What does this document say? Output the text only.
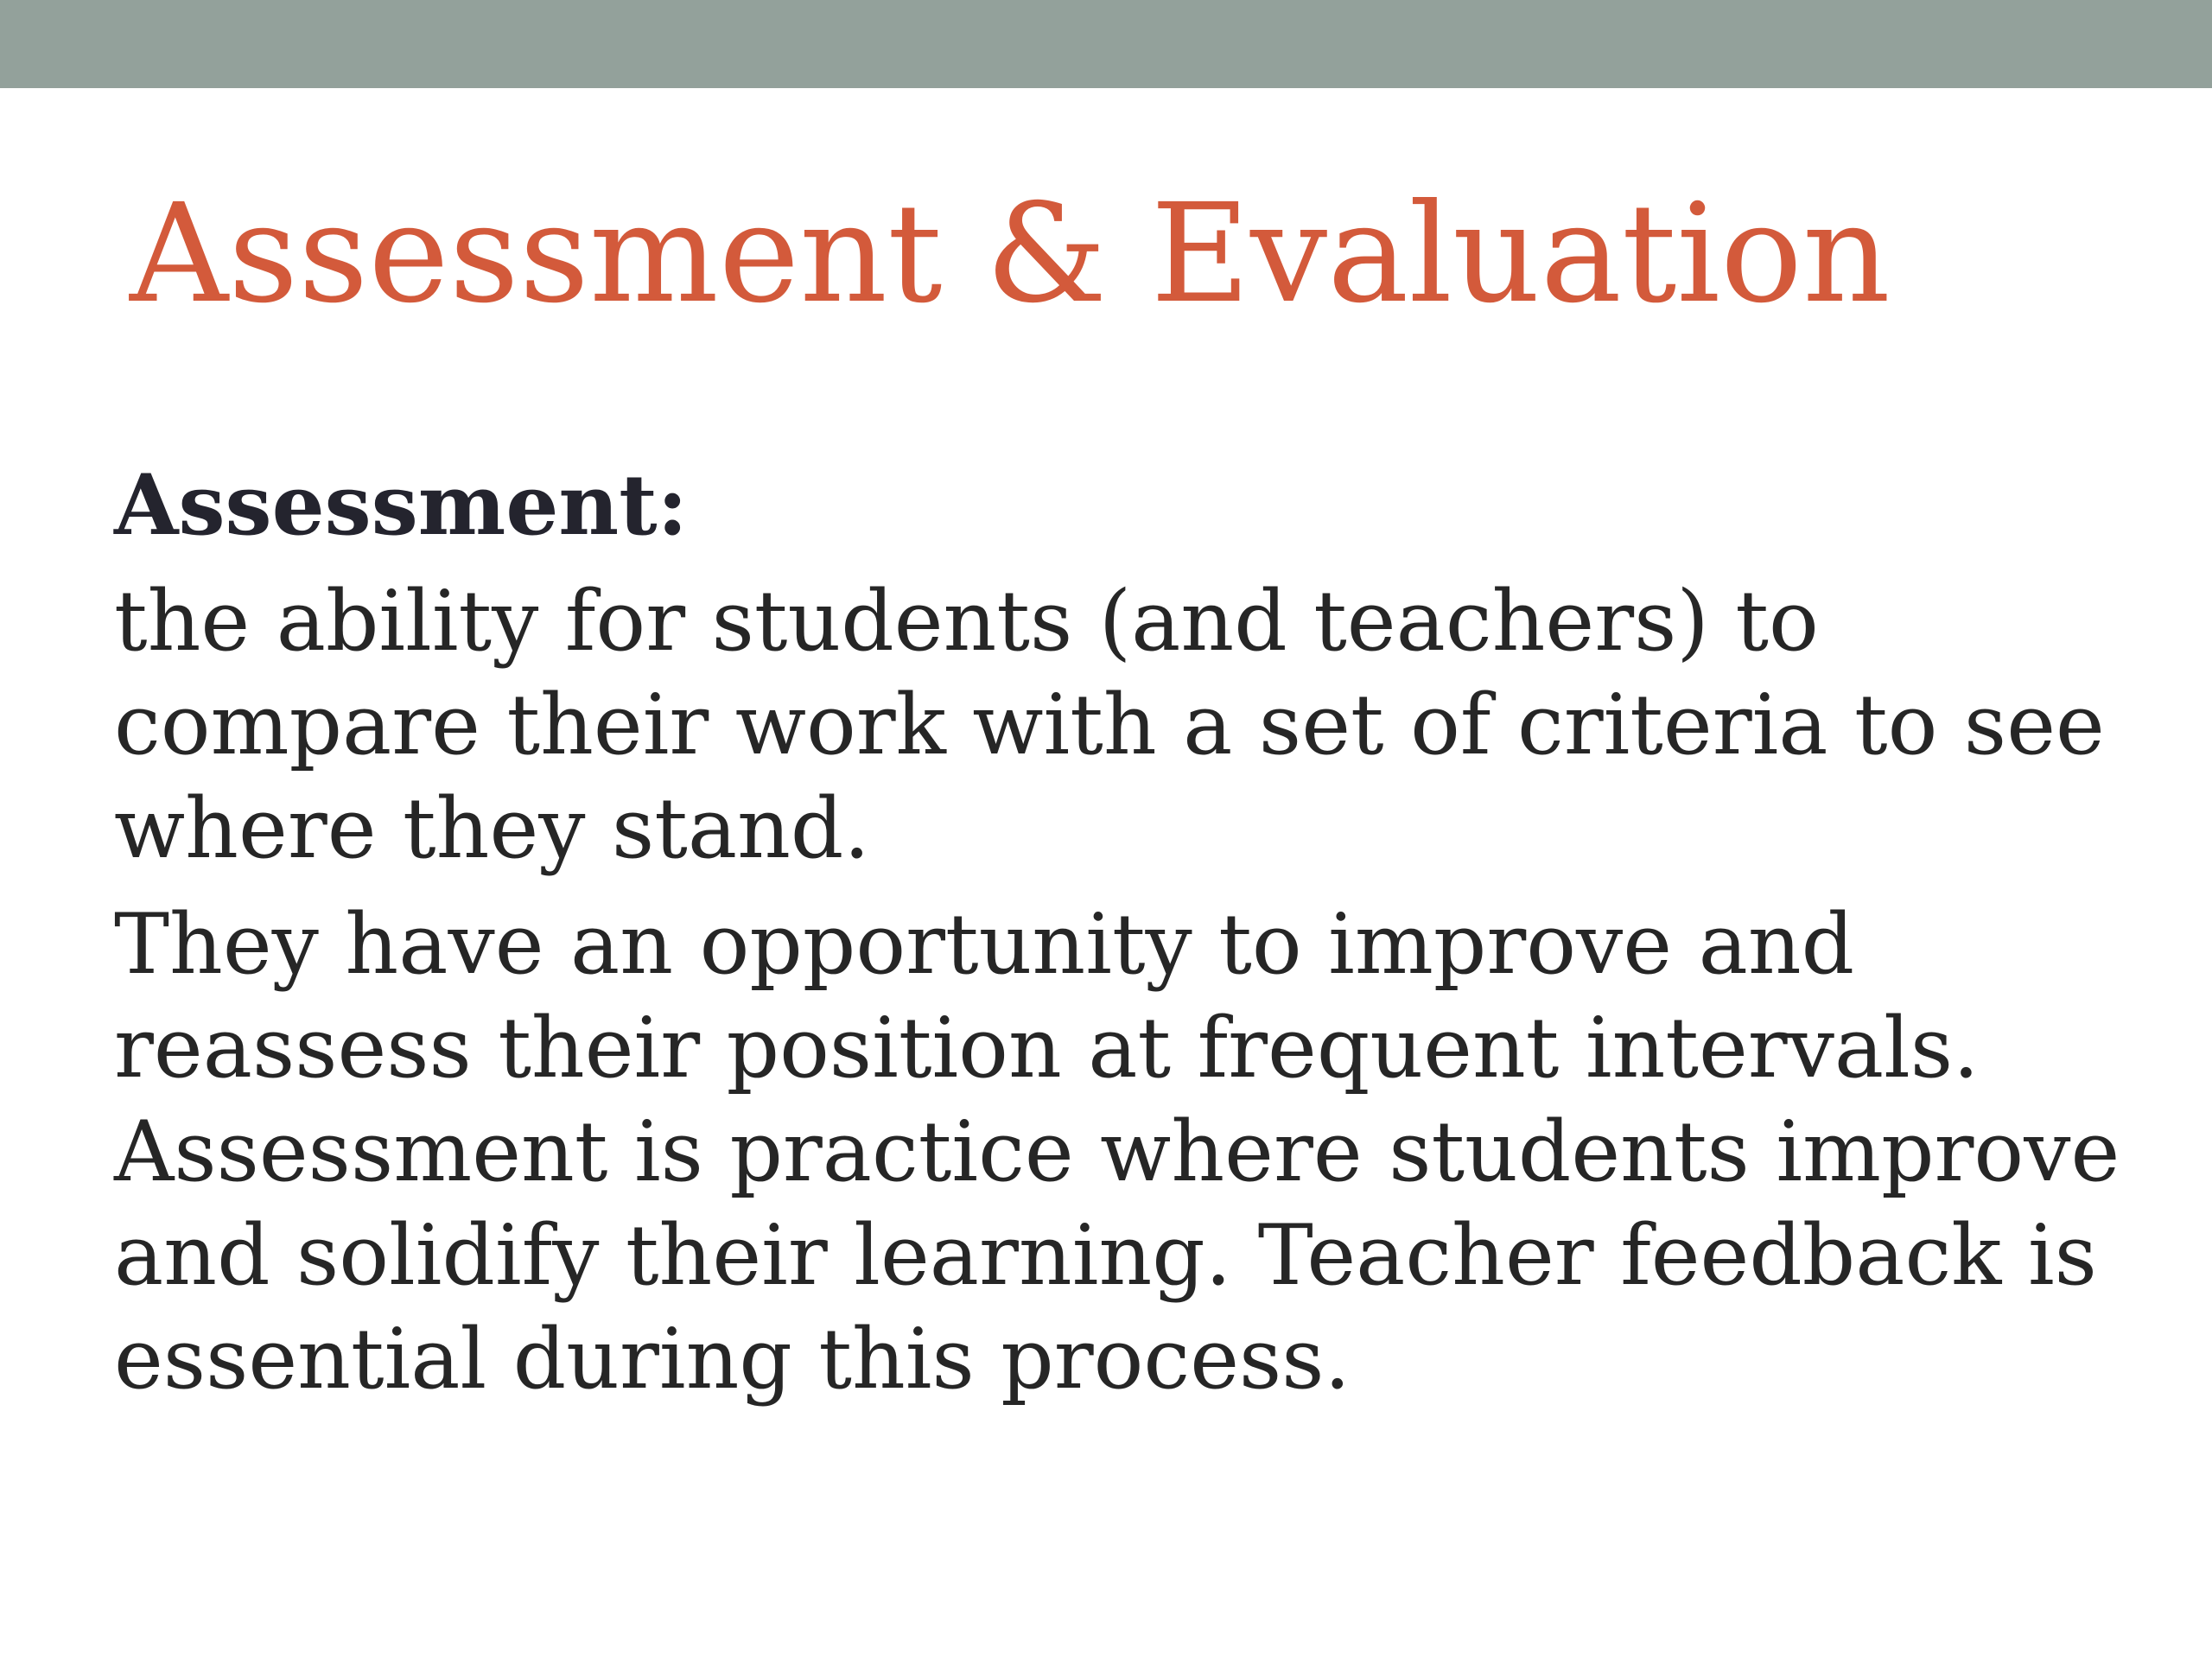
Assessment & Evaluation

Assessment:

the ability for students (and teachers) to
compare their work with a set of criteria to see
where they stand.

They have an opportunity to improve and
reassess their position at frequent intervals.
Assessment is practice where students improve
and solidify their learning. Teacher feedback is
essential during this process.
